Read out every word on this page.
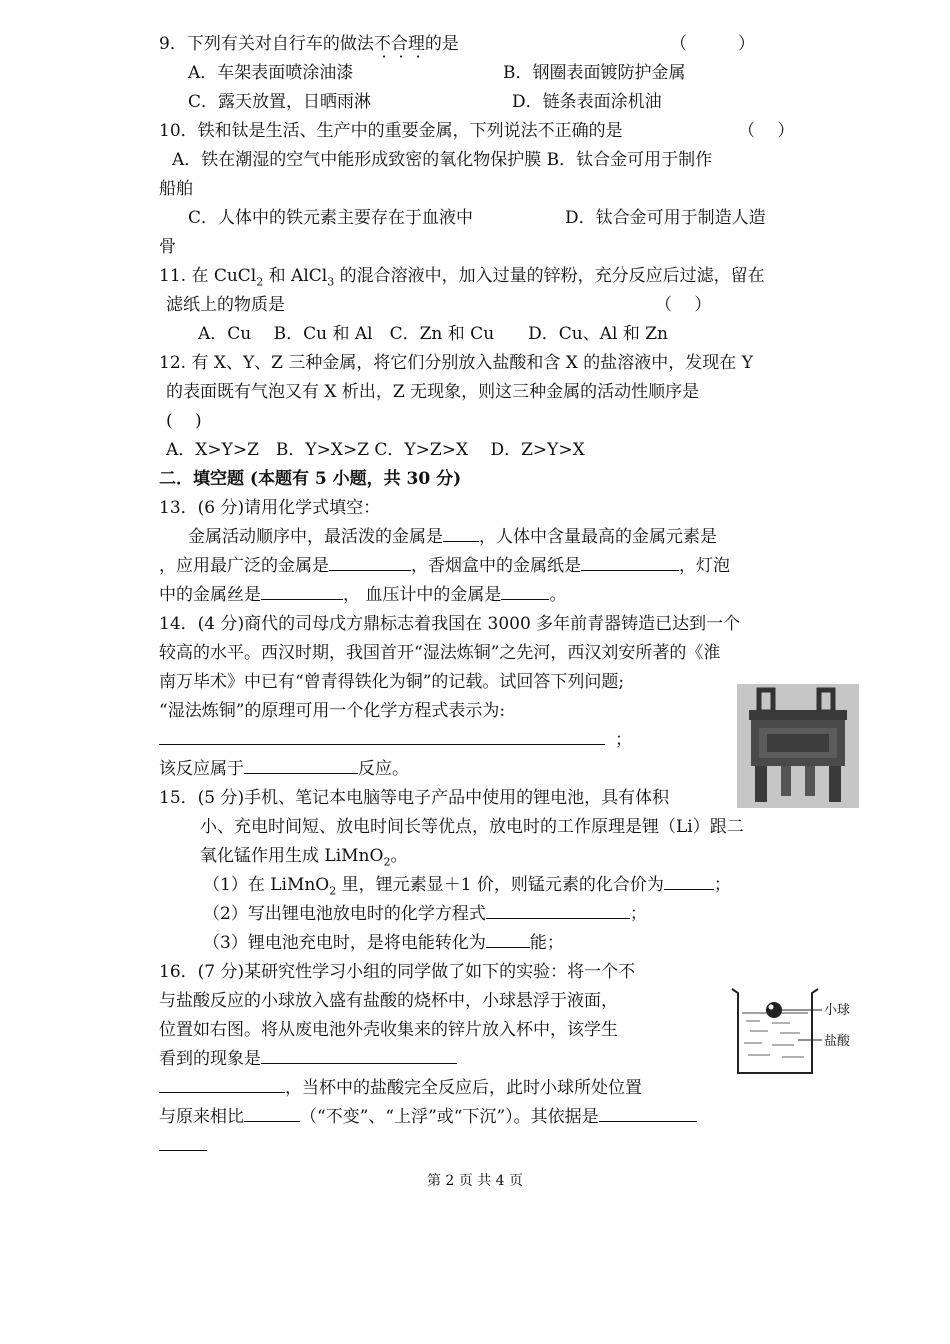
9．下列有关对自行车的做法不合理的是	（　　　）
A．车架表面喷涂油漆	B．钢圈表面镀防护金属
C．露天放置，日晒雨淋	D．链条表面涂机油
10．铁和钛是生活、生产中的重要金属，下列说法不正确的是	（　 ）
A．铁在潮湿的空气中能形成致密的氧化物保护膜 B．钛合金可用于制作
船舶
C．人体中的铁元素主要存在于血液中	D．钛合金可用于制造人造
骨
11. 在 CuCl$_2$ 和 AlCl$_3$ 的混合溶液中，加入过量的锌粉，充分反应后过滤，留在
滤纸上的物质是	（　 ）
A．Cu　 B．Cu 和 Al　C．Zn 和 Cu　　D．Cu、Al 和 Zn
12. 有 X、Y、Z 三种金属，将它们分别放入盐酸和含 X 的盐溶液中，发现在 Y
的表面既有气泡又有 X 析出，Z 无现象，则这三种金属的活动性顺序是
(　 )
A．X>Y>Z　B．Y>X>Z C．Y>Z>X　 D．Z>Y>X
二．填空题 (本题有 5 小题，共 30 分)
13．(6 分)请用化学式填空：
金属活动顺序中，最活泼的金属是 ，人体中含量最高的金属元素是
，应用最广泛的金属是	，香烟盒中的金属纸是	，灯泡
中的金属丝是	， 血压计中的金属是	。
14．(4 分)商代的司母戊方鼎标志着我国在 3000 多年前青器铸造已达到一个
较高的水平。西汉时期，我国首开“湿法炼铜”之先河，西汉刘安所著的《淮
南万毕术》中已有“曾青得铁化为铜”的记载。试回答下列问题;
“湿法炼铜”的原理可用一个化学方程式表示为:
；
该反应属于	反应。
15．(5 分)手机、笔记本电脑等电子产品中使用的锂电池，具有体积
小、充电时间短、放电时间长等优点，放电时的工作原理是锂（Li）跟二
氧化锰作用生成 LiMnO$_2$。
（1）在 LiMnO$_2$ 里，锂元素显＋1 价，则锰元素的化合价为	；
（2）写出锂电池放电时的化学方程式	；
（3）锂电池充电时，是将电能转化为	能；
16．(7 分)某研究性学习小组的同学做了如下的实验：将一个不
与盐酸反应的小球放入盛有盐酸的烧杯中，小球悬浮于液面，
位置如右图。将从废电池外壳收集来的锌片放入杯中，该学生
看到的现象是
，当杯中的盐酸完全反应后，此时小球所处位置
与原来相比	（“不变”、“上浮”或“下沉”）。其依据是
小球
盐酸
第 2 页 共 4 页
